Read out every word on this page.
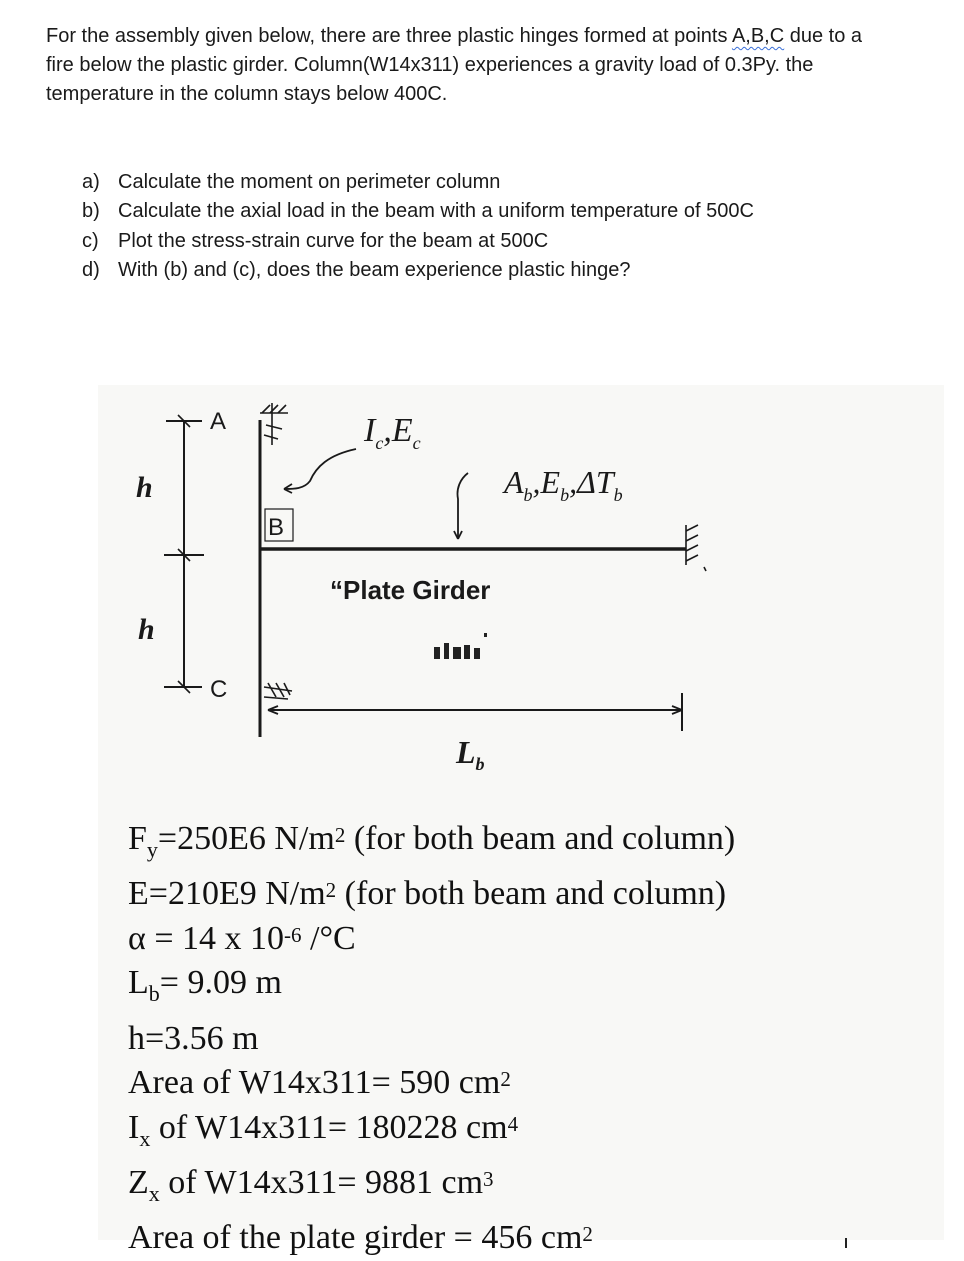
For the assembly given below, there are three plastic hinges formed at points A,B,C due to a
fire below the plastic girder. Column(W14x311) experiences a gravity load of 0.3Py. the
temperature in the column stays below 400C.
a) Calculate the moment on perimeter column
b) Calculate the axial load in the beam with a uniform temperature of 500C
c) Plot the stress-strain curve for the beam at 500C
d) With (b) and (c), does the beam experience plastic hinge?
A
B
C
h
h
$I_c,E_c$
$A_b,E_b,\Delta T_b$
“Plate Girder
$L_b$
$F_y=250E6$ $N/m^2$ (for both beam and column)
E=210E9 $N/m^2$ (for both beam and column)
α = 14 x $10^{-6}$ /°C
$L_b= 9.09$ m
h=3.56 m
Area of W14x311= 590 $cm^2$
$I_x$ of W14x311= 180228 $cm^4$
$Z_x$ of W14x311= 9881 $cm^3$
Area of the plate girder = 456 $cm^2$
